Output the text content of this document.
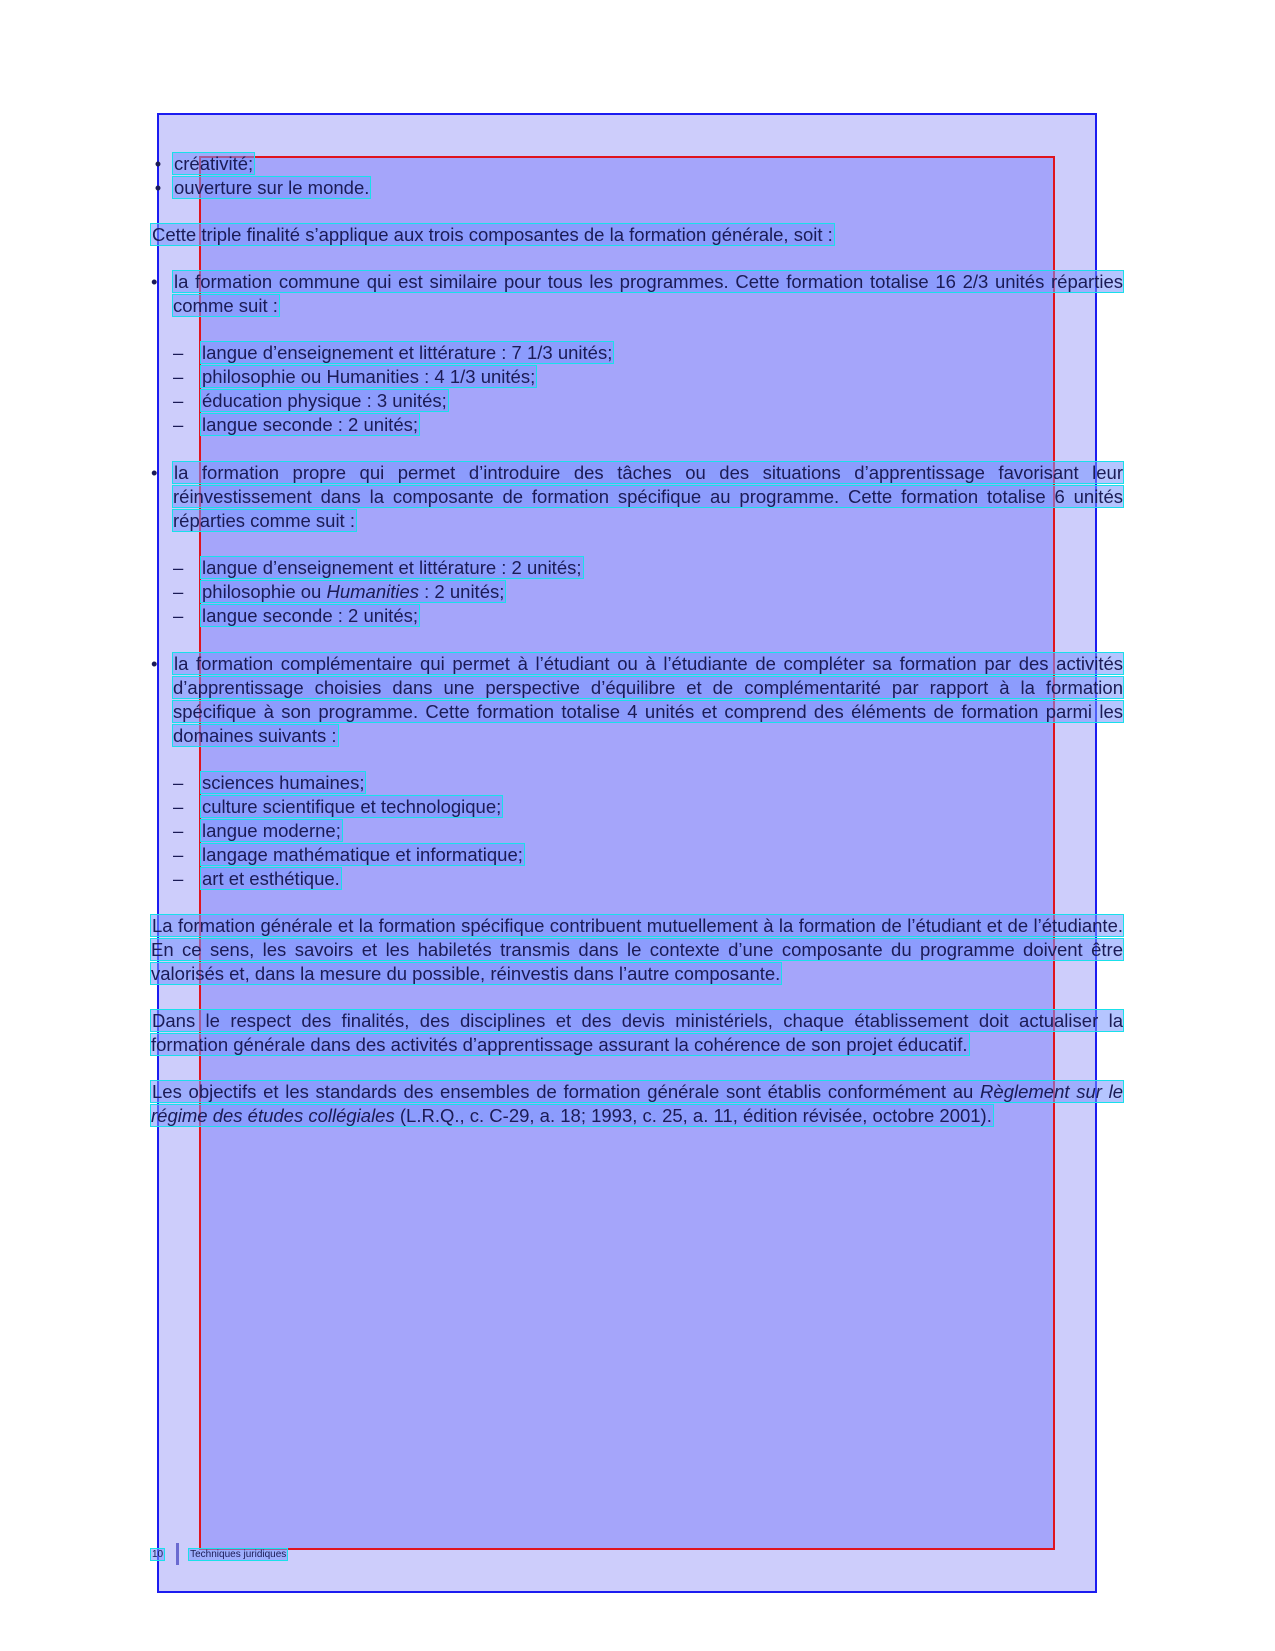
• créativité;
• ouverture sur le monde.
Cette triple finalité s’applique aux trois composantes de la formation générale, soit :
• la formation commune qui est similaire pour tous les programmes. Cette formation totalise 16 2/3 unités réparties comme suit :
– langue d’enseignement et littérature : 7 1/3 unités;
– philosophie ou Humanities : 4 1/3 unités;
– éducation physique : 3 unités;
– langue seconde : 2 unités;
• la formation propre qui permet d’introduire des tâches ou des situations d’apprentissage favorisant leur réinvestissement dans la composante de formation spécifique au programme. Cette formation totalise 6 unités réparties comme suit :
– langue d’enseignement et littérature : 2 unités;
– philosophie ou Humanities : 2 unités;
– langue seconde : 2 unités;
• la formation complémentaire qui permet à l’étudiant ou à l’étudiante de compléter sa formation par des activités d’apprentissage choisies dans une perspective d’équilibre et de complémentarité par rapport à la formation spécifique à son programme. Cette formation totalise 4 unités et comprend des éléments de formation parmi les domaines suivants :
– sciences humaines;
– culture scientifique et technologique;
– langue moderne;
– langage mathématique et informatique;
– art et esthétique.
La formation générale et la formation spécifique contribuent mutuellement à la formation de l’étudiant et de l’étudiante. En ce sens, les savoirs et les habiletés transmis dans le contexte d’une composante du programme doivent être valorisés et, dans la mesure du possible, réinvestis dans l’autre composante.
Dans le respect des finalités, des disciplines et des devis ministériels, chaque établissement doit actualiser la formation générale dans des activités d’apprentissage assurant la cohérence de son projet éducatif.
Les objectifs et les standards des ensembles de formation générale sont établis conformément au Règlement sur le régime des études collégiales (L.R.Q., c. C-29, a. 18; 1993, c. 25, a. 11, édition révisée, octobre 2001).
10	Techniques juridiques
